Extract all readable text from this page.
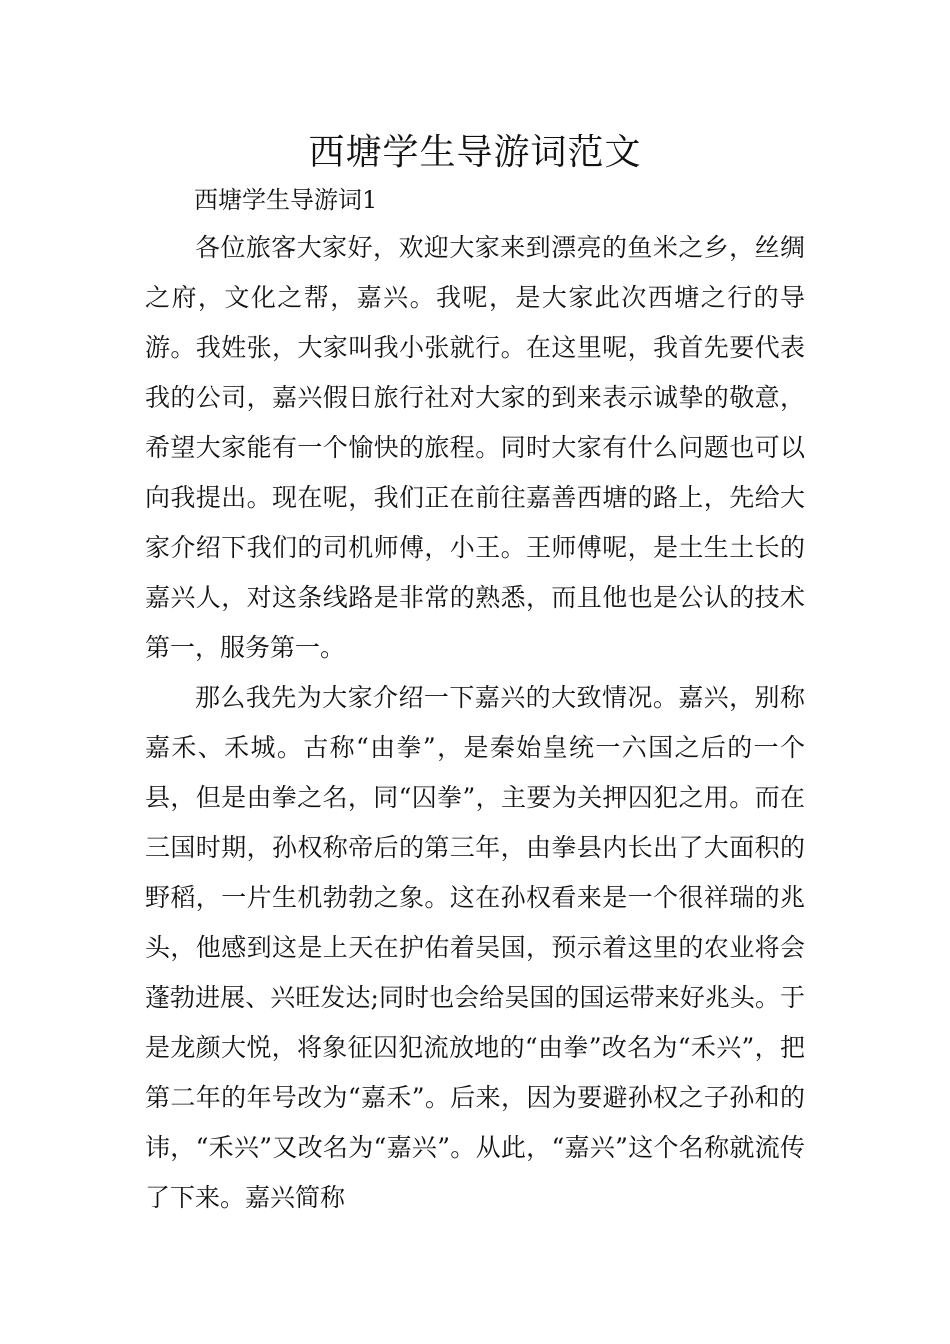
西塘学生导游词范文

西塘学生导游词1

各位旅客大家好，欢迎大家来到漂亮的鱼米之乡，丝绸之府，文化之帮，嘉兴。我呢，是大家此次西塘之行的导游。我姓张，大家叫我小张就行。在这里呢，我首先要代表我的公司，嘉兴假日旅行社对大家的到来表示诚挚的敬意，希望大家能有一个愉快的旅程。同时大家有什么问题也可以向我提出。现在呢，我们正在前往嘉善西塘的路上，先给大家介绍下我们的司机师傅，小王。王师傅呢，是土生土长的嘉兴人，对这条线路是非常的熟悉，而且他也是公认的技术第一，服务第一。

那么我先为大家介绍一下嘉兴的大致情况。嘉兴，别称嘉禾、禾城。古称“由拳”，是秦始皇统一六国之后的一个县，但是由拳之名，同“囚拳”，主要为关押囚犯之用。而在三国时期，孙权称帝后的第三年，由拳县内长出了大面积的野稻，一片生机勃勃之象。这在孙权看来是一个很祥瑞的兆头，他感到这是上天在护佑着吴国，预示着这里的农业将会蓬勃进展、兴旺发达;同时也会给吴国的国运带来好兆头。于是龙颜大悦，将象征囚犯流放地的“由拳”改名为“禾兴”，把第二年的年号改为“嘉禾”。后来，因为要避孙权之子孙和的讳，“禾兴”又改名为“嘉兴”。从此，“嘉兴”这个名称就流传了下来。嘉兴简称
